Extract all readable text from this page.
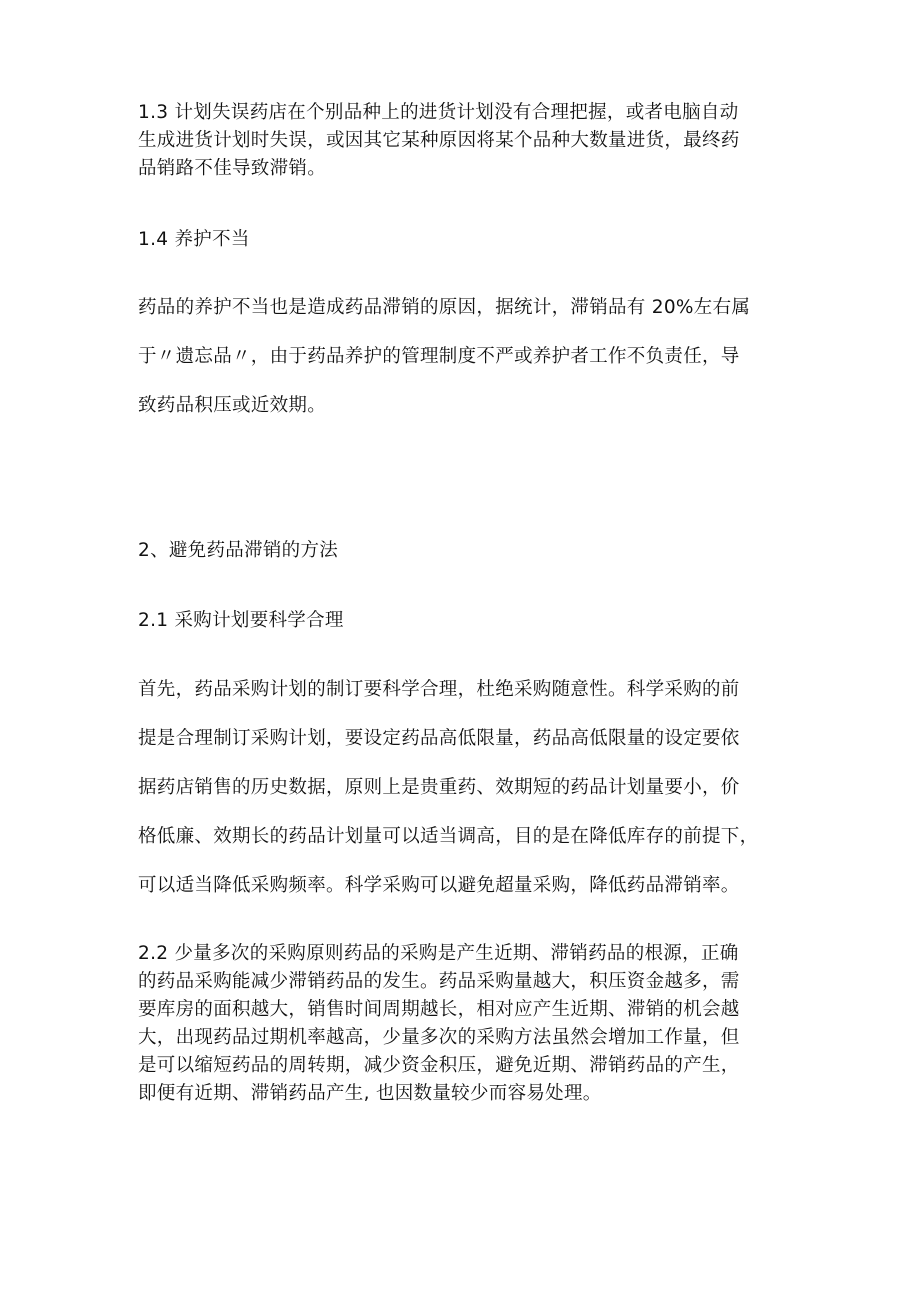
1.3 计划失误药店在个别品种上的进货计划没有合理把握，或者电脑自动
生成进货计划时失误，或因其它某种原因将某个品种大数量进货，最终药
品销路不佳导致滞销。
1.4 养护不当
药品的养护不当也是造成药品滞销的原因，据统计，滞销品有 20%左右属
于〃遗忘品〃，由于药品养护的管理制度不严或养护者工作不负责任，导
致药品积压或近效期。
2、避免药品滞销的方法
2.1 采购计划要科学合理
首先，药品采购计划的制订要科学合理，杜绝采购随意性。科学采购的前
提是合理制订采购计划，要设定药品高低限量，药品高低限量的设定要依
据药店销售的历史数据，原则上是贵重药、效期短的药品计划量要小，价
格低廉、效期长的药品计划量可以适当调高，目的是在降低库存的前提下，
可以适当降低采购频率。科学采购可以避免超量采购，降低药品滞销率。
2.2 少量多次的采购原则药品的采购是产生近期、滞销药品的根源，正确
的药品采购能减少滞销药品的发生。药品采购量越大，积压资金越多，需
要库房的面积越大，销售时间周期越长，相对应产生近期、滞销的机会越
大，出现药品过期机率越高，少量多次的采购方法虽然会增加工作量，但
是可以缩短药品的周转期，减少资金积压，避免近期、滞销药品的产生，
即便有近期、滞销药品产生, 也因数量较少而容易处理。
